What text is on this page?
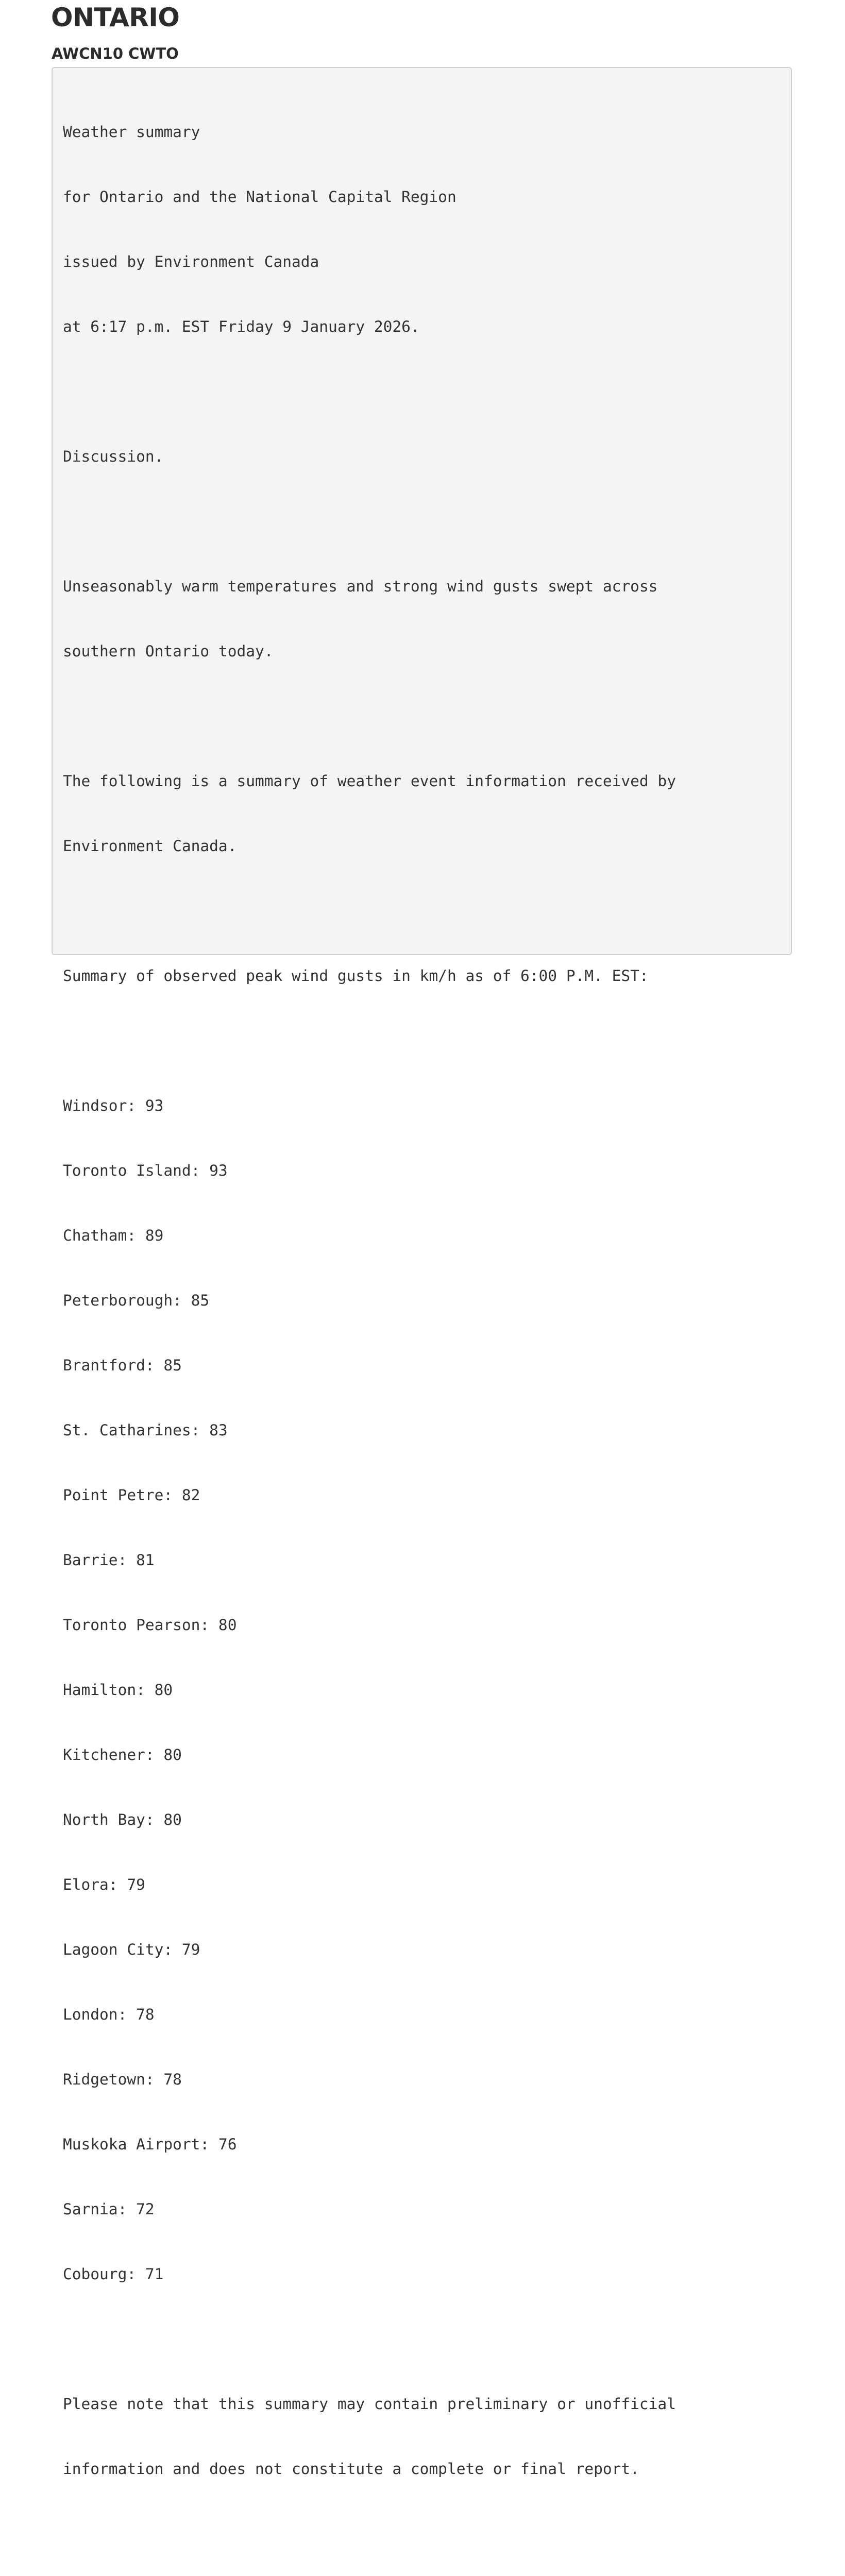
ONTARIO
AWCN10 CWTO

Weather summary

for Ontario and the National Capital Region

issued by Environment Canada

at 6:17 p.m. EST Friday 9 January 2026.

Discussion.

Unseasonably warm temperatures and strong wind gusts swept across

southern Ontario today.

The following is a summary of weather event information received by

Environment Canada.

Summary of observed peak wind gusts in km/h as of 6:00 P.M. EST:

Windsor: 93

Toronto Island: 93

Chatham: 89

Peterborough: 85

Brantford: 85

St. Catharines: 83

Point Petre: 82

Barrie: 81

Toronto Pearson: 80

Hamilton: 80

Kitchener: 80

North Bay: 80

Elora: 79

Lagoon City: 79

London: 78

Ridgetown: 78

Muskoka Airport: 76

Sarnia: 72

Cobourg: 71

Please note that this summary may contain preliminary or unofficial

information and does not constitute a complete or final report.
